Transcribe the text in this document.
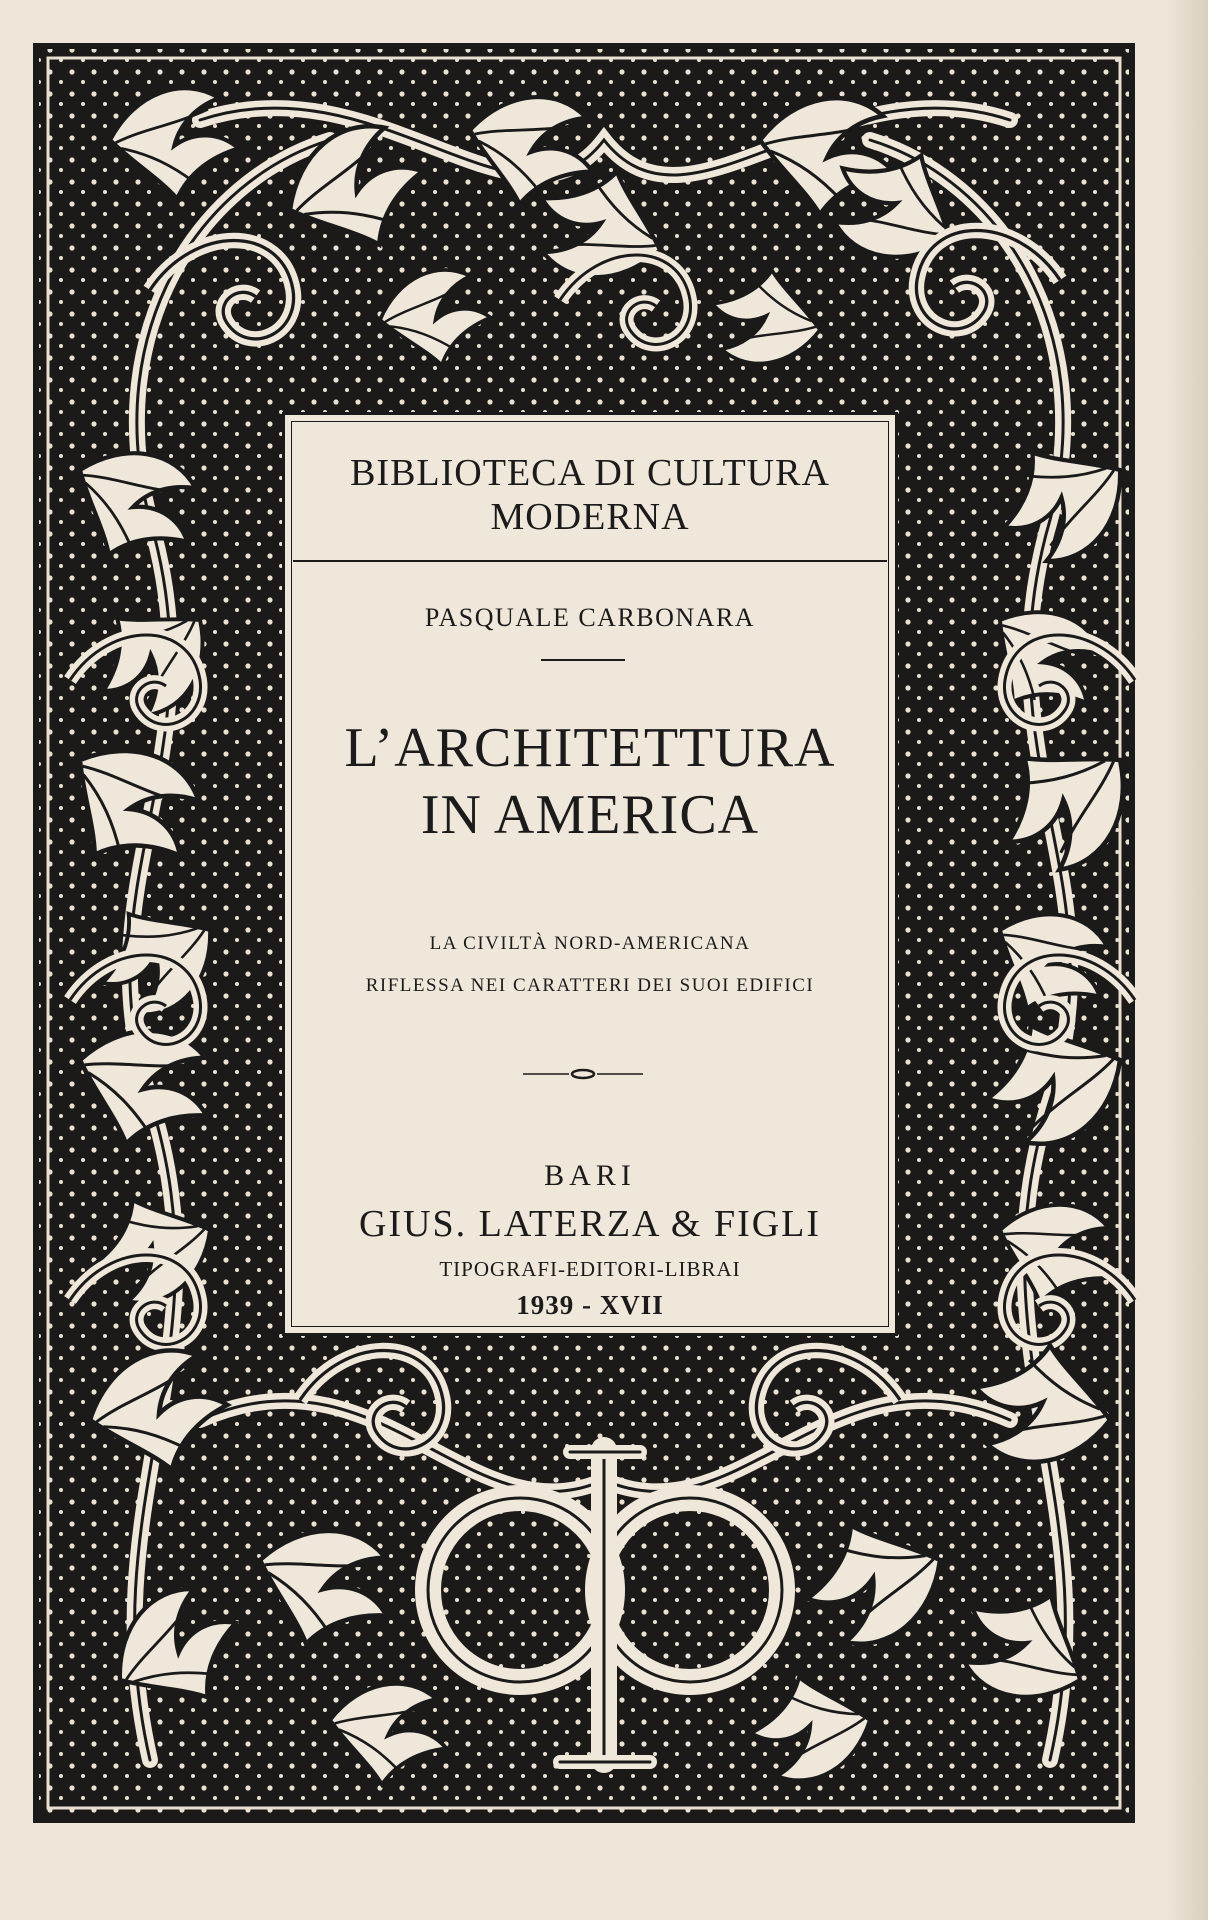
BIBLIOTECA DI CULTURA
MODERNA
PASQUALE CARBONARA
L’ARCHITETTURA
IN AMERICA
LA CIVILTÀ NORD-AMERICANA
RIFLESSA NEI CARATTERI DEI SUOI EDIFICI
BARI
GIUS. LATERZA & FIGLI
TIPOGRAFI-EDITORI-LIBRAI
1939 - XVII
